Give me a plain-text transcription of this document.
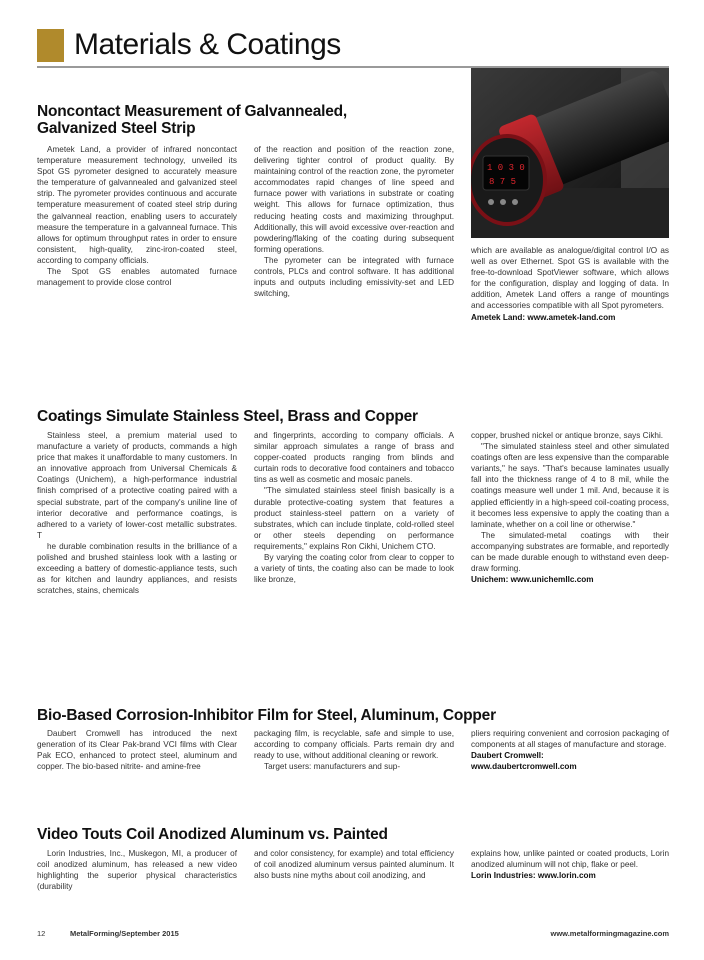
Materials & Coatings
1 0 3 0
8 7 5
Noncontact Measurement of Galvannealed,
Galvanized Steel Strip

Ametek Land, a provider of infrared noncontact temperature measurement technology, unveiled its Spot GS pyrometer designed to accurately measure the temperature of galvannealed and galvanized steel strip. The pyrometer provides continuous and accurate temperature measurement of coated steel strip during the galvanneal reaction, enabling users to accurately measure the temperature in a galvanneal furnace. This allows for optimum throughput rates in order to ensure consistent, high-quality, zinc-iron-coated steel, according to company officials.

The Spot GS enables automated furnace management to provide close control

of the reaction and position of the reaction zone, delivering tighter control of product quality. By maintaining control of the reaction zone, the pyrometer accommodates rapid changes of line speed and furnace power with variations in substrate or coating weight. This allows for furnace optimization, thus reducing heating costs and maximizing throughput. Additionally, this will avoid excessive over-reaction and powdering/flaking of the coating during subsequent forming operations.

The pyrometer can be integrated with furnace controls, PLCs and control software. It has additional inputs and outputs including emissivity-set and LED switching,

which are available as analogue/digital control I/O as well as over Ethernet. Spot GS is available with the free-to-download SpotViewer software, which allows for the configuration, display and logging of data. In addition, Ametek Land offers a range of mountings and accessories compatible with all Spot pyrometers.

Ametek Land: www.ametek-land.com

Coatings Simulate Stainless Steel, Brass and Copper

Stainless steel, a premium material used to manufacture a variety of products, commands a high price that makes it unaffordable to many customers. In an innovative approach from Universal Chemicals & Coatings (Unichem), a high-performance industrial finish comprised of a protective coating paired with a special substrate, part of the company's uniline line of interior decorative and performance coatings, is adhered to a variety of lower-cost metallic substrates. T

he durable combination results in the brilliance of a polished and brushed stainless look with a lasting or exceeding a battery of domestic-appliance tests, such as for kitchen and laundry appliances, and resists scratches, stains, chemicals

and fingerprints, according to company officials. A similar approach simulates a range of brass and copper-coated products ranging from blinds and curtain rods to decorative food containers and tobacco tins as well as cosmetic and mosaic panels.

"The simulated stainless steel finish basically is a durable protective-coating system that features a product stainless-steel pattern on a variety of substrates, which can include tinplate, cold-rolled steel or other steels depending on performance requirements," explains Ron Cikhi, Unichem CTO.

By varying the coating color from clear to copper to a variety of tints, the coating also can be made to look like bronze,

copper, brushed nickel or antique bronze, says Cikhi.

"The simulated stainless steel and other simulated coatings often are less expensive than the comparable variants," he says. "That's because laminates usually fall into the thickness range of 4 to 8 mil, while the coatings measure well under 1 mil. And, because it is applied efficiently in a high-speed coil-coating process, it becomes less expensive to apply the coating than a laminate, whether on a coil line or otherwise."

The simulated-metal coatings with their accompanying substrates are formable, and reportedly can be made durable enough to withstand even deep-draw forming.

Unichem: www.unichemllc.com

Bio-Based Corrosion-Inhibitor Film for Steel, Aluminum, Copper

Daubert Cromwell has introduced the next generation of its Clear Pak-brand VCI films with Clear Pak ECO, enhanced to protect steel, aluminum and copper. The bio-based nitrite- and amine-free

packaging film, is recyclable, safe and simple to use, according to company officials. Parts remain dry and ready to use, without additional cleaning or rework.

Target users: manufacturers and sup-

pliers requiring convenient and corrosion packaging of components at all stages of manufacture and storage.

Daubert Cromwell:

www.daubertcromwell.com

Video Touts Coil Anodized Aluminum vs. Painted

Lorin Industries, Inc., Muskegon, MI, a producer of coil anodized aluminum, has released a new video highlighting the superior physical characteristics (durability

and color consistency, for example) and total efficiency of coil anodized aluminum versus painted aluminum. It also busts nine myths about coil anodizing, and

explains how, unlike painted or coated products, Lorin anodized aluminum will not chip, flake or peel.

Lorin Industries: www.lorin.com

12	MetalForming/September 2015	www.metalformingmagazine.com
